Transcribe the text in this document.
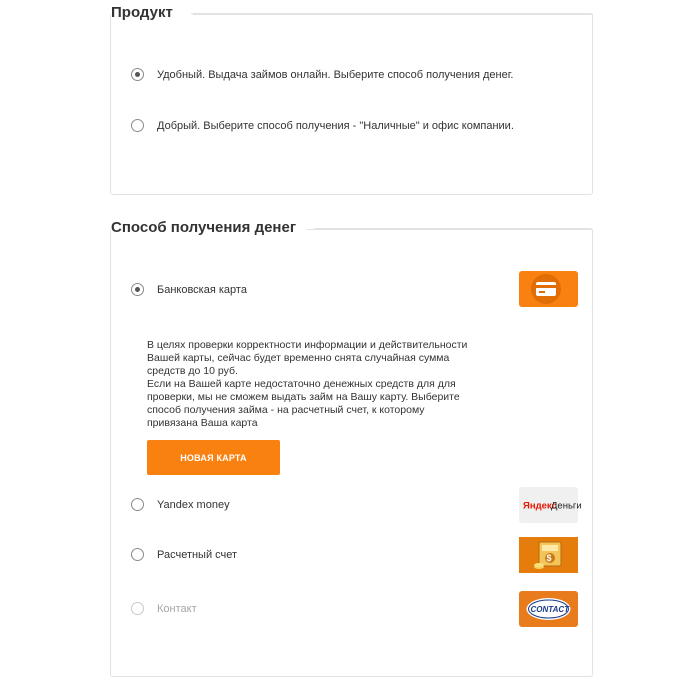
Продукт
Удобный. Выдача займов онлайн. Выберите способ получения денег.
Добрый. Выберите способ получения - "Наличные" и офис компании.
Способ получения денег
Банковская карта

В целях проверки корректности информации и действительности

Вашей карты, сейчас будет временно снята случайная сумма

средств до 10 руб.

Если на Вашей карте недостаточно денежных средств для для

проверки, мы не сможем выдать займ на Вашу карту. Выберите

способ получения займа - на расчетный счет, к которому

привязана Ваша карта

НОВАЯ КАРТА
Yandex money	Яндекс
Деньги
Расчетный счет	$
Контакт	CONTACT
